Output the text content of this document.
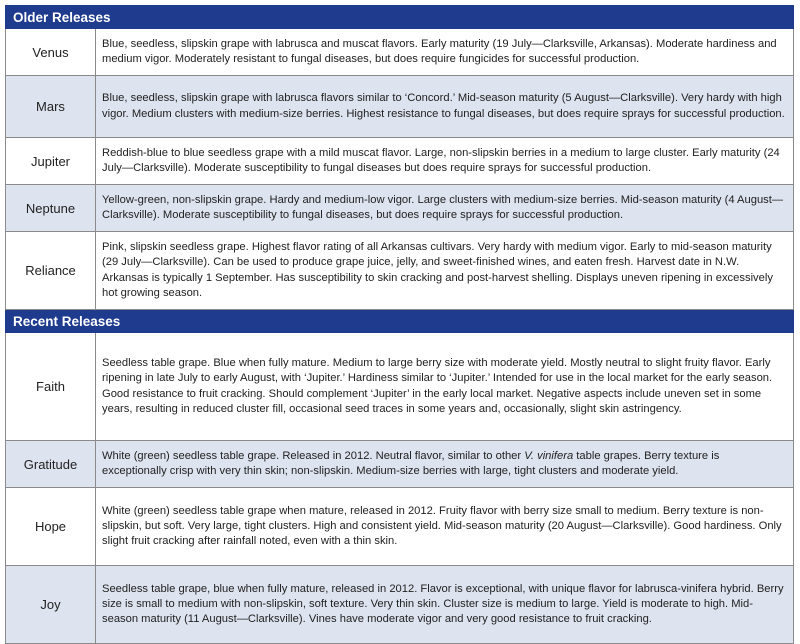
Older Releases	
Venus	Blue, seedless, slipskin grape with labrusca and muscat flavors. Early maturity (19 July—Clarksville, Arkansas). Moderate hardiness and medium vigor. Moderately resistant to fungal diseases, but does require fungicides for successful production.
Mars	Blue, seedless, slipskin grape with labrusca flavors similar to ‘Concord.’ Mid-season maturity (5 August—Clarksville). Very hardy with high vigor. Medium clusters with medium-size berries. Highest resistance to fungal diseases, but does require sprays for successful production.
Jupiter	Reddish-blue to blue seedless grape with a mild muscat flavor. Large, non-slipskin berries in a medium to large cluster. Early maturity (24 July—Clarksville). Moderate susceptibility to fungal diseases but does require sprays for successful production.
Neptune	Yellow-green, non-slipskin grape. Hardy and medium-low vigor. Large clusters with medium-size berries. Mid-season maturity (4 August—Clarksville). Moderate susceptibility to fungal diseases, but does require sprays for successful production.
Reliance	Pink, slipskin seedless grape. Highest flavor rating of all Arkansas cultivars. Very hardy with medium vigor. Early to mid-season maturity (29 July—Clarksville). Can be used to produce grape juice, jelly, and sweet-finished wines, and eaten fresh. Harvest date in N.W. Arkansas is typically 1 September. Has susceptibility to skin cracking and post-harvest shelling. Displays uneven ripening in excessively hot growing season.
Recent Releases	
Faith	Seedless table grape. Blue when fully mature. Medium to large berry size with moderate yield. Mostly neutral to slight fruity flavor. Early ripening in late July to early August, with ‘Jupiter.’ Hardiness similar to ‘Jupiter.’ Intended for use in the local market for the early season. Good resistance to fruit cracking. Should complement ‘Jupiter’ in the early local market. Negative aspects include uneven set in some years, resulting in reduced cluster fill, occasional seed traces in some years and, occasionally, slight skin astringency.
Gratitude	White (green) seedless table grape. Released in 2012. Neutral flavor, similar to other V. vinifera table grapes. Berry texture is exceptionally crisp with very thin skin; non-slipskin. Medium-size berries with large, tight clusters and moderate yield.
Hope	White (green) seedless table grape when mature, released in 2012. Fruity flavor with berry size small to medium. Berry texture is non-slipskin, but soft. Very large, tight clusters. High and consistent yield. Mid-season maturity (20 August—Clarksville). Good hardiness. Only slight fruit cracking after rainfall noted, even with a thin skin.
Joy	Seedless table grape, blue when fully mature, released in 2012. Flavor is exceptional, with unique flavor for labrusca-vinifera hybrid. Berry size is small to medium with non-slipskin, soft texture. Very thin skin. Cluster size is medium to large. Yield is moderate to high. Mid-season maturity (11 August—Clarksville). Vines have moderate vigor and very good resistance to fruit cracking.
